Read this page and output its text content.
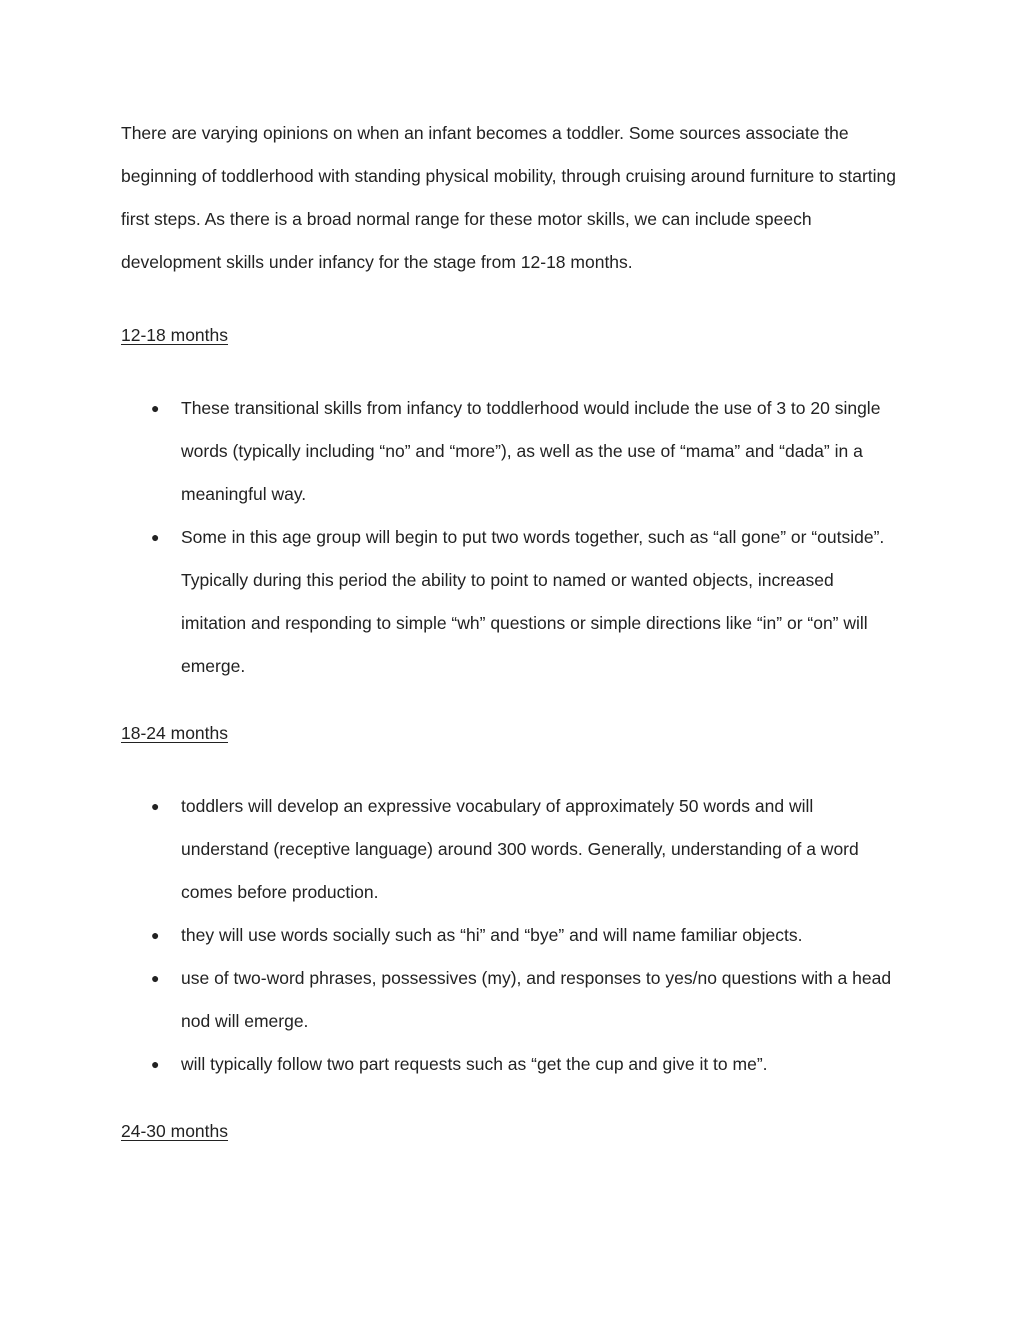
There are varying opinions on when an infant becomes a toddler. Some sources associate the beginning of toddlerhood with standing physical mobility, through cruising around furniture to starting first steps. As there is a broad normal range for these motor skills, we can include speech development skills under infancy for the stage from 12-18 months.

12-18 months

● These transitional skills from infancy to toddlerhood would include the use of 3 to 20 single words (typically including “no” and “more”), as well as the use of “mama” and “dada” in a meaningful way.
● Some in this age group will begin to put two words together, such as “all gone” or “outside”. Typically during this period the ability to point to named or wanted objects, increased imitation and responding to simple “wh” questions or simple directions like “in” or “on” will emerge.

18-24 months

● toddlers will develop an expressive vocabulary of approximately 50 words and will understand (receptive language) around 300 words. Generally, understanding of a word comes before production.
● they will use words socially such as “hi” and “bye” and will name familiar objects.
● use of two-word phrases, possessives (my), and responses to yes/no questions with a head nod will emerge.
● will typically follow two part requests such as “get the cup and give it to me”.

24-30 months
